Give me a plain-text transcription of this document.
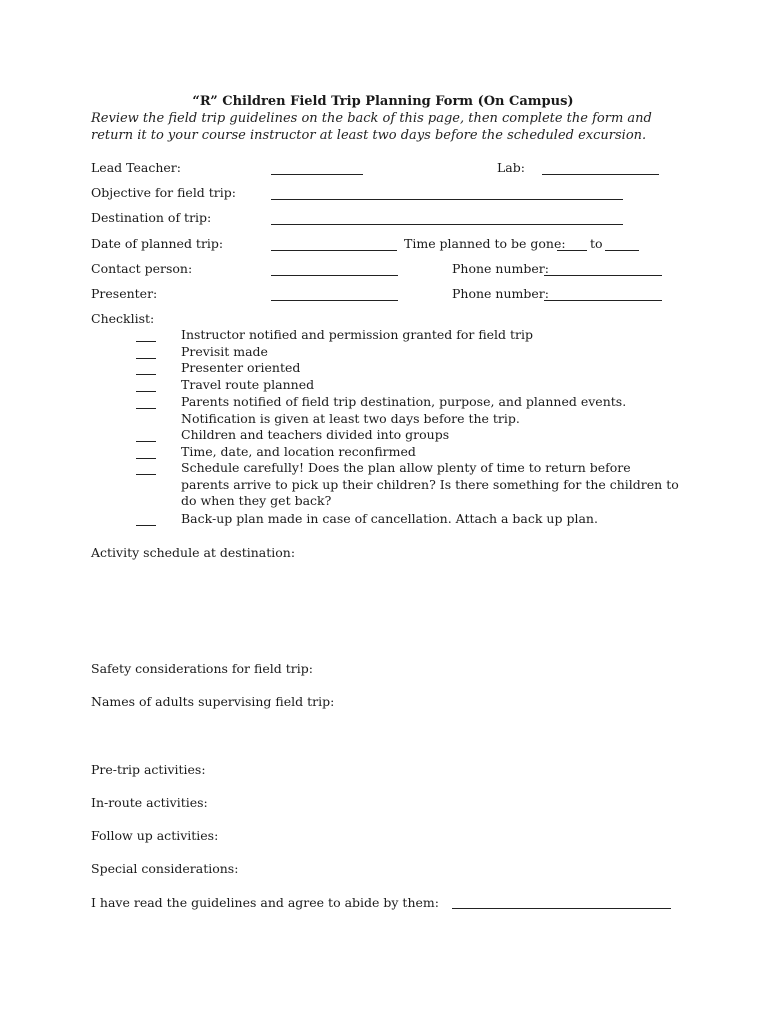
“R” Children Field Trip Planning Form (On Campus)
Review the field trip guidelines on the back of this page, then complete the form and return it to your course instructor at least two days before the scheduled excursion.
Lead Teacher:	Lab:
Objective for field trip:
Destination of trip:
Date of planned trip:	Time planned to be gone: to
Contact person:	Phone number:
Presenter:	Phone number:
Checklist:
Instructor notified and permission granted for field trip
Previsit made
Presenter oriented
Travel route planned
Parents notified of field trip destination, purpose, and planned events. Notification is given at least two days before the trip.
Children and teachers divided into groups
Time, date, and location reconfirmed
Schedule carefully! Does the plan allow plenty of time to return before parents arrive to pick up their children? Is there something for the children to do when they get back?
Back-up plan made in case of cancellation. Attach a back up plan.
Activity schedule at destination:
Safety considerations for field trip:
Names of adults supervising field trip:
Pre-trip activities:
In-route activities:
Follow up activities:
Special considerations:
I have read the guidelines and agree to abide by them:
